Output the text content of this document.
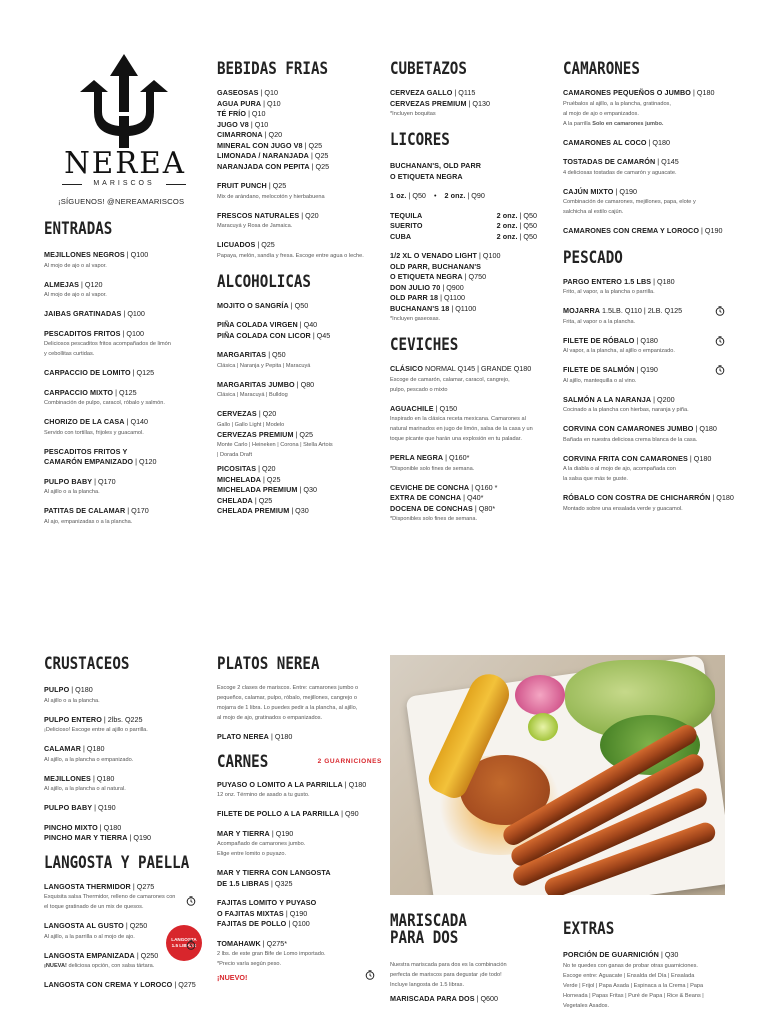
NEREA
MARISCOS
¡SÍGUENOS! @NEREAMARISCOS
ENTRADAS
MEJILLONES NEGROS | Q100
Al mojo de ajo o al vapor.
ALMEJAS | Q120
Al mojo de ajo o al vapor.
JAIBAS GRATINADAS | Q100
PESCADITOS FRITOS | Q100
Deliciosos pescaditos fritos acompañados de limón
y cebollitas curtidas.
CARPACCIO DE LOMITO | Q125
CARPACCIO MIXTO | Q125
Combinación de pulpo, caracol, róbalo y salmón.
CHORIZO DE LA CASA | Q140
Servido con tortillas, frijoles y guacamol.
PESCADITOS FRITOS Y
CAMARÓN EMPANIZADO | Q120
PULPO BABY | Q170
Al ajillo o a la plancha.
PATITAS DE CALAMAR | Q170
Al ajo, empanizadas o a la plancha.
BEBIDAS FRIAS
GASEOSAS | Q10
AGUA PURA | Q10
TÉ FRÍO | Q10
JUGO V8 | Q10
CIMARRONA | Q20
MINERAL CON JUGO V8 | Q25
LIMONADA / NARANJADA | Q25
NARANJADA CON PEPITA | Q25
FRUIT PUNCH | Q25
Mix de arándano, melocotón y hierbabuena
FRESCOS NATURALES | Q20
Maracuyá y Rosa de Jamaica.
LICUADOS | Q25
Papaya, melón, sandía y fresa. Escoge entre agua o leche.
ALCOHOLICAS
MOJITO O SANGRÍA | Q50
PIÑA COLADA VIRGEN | Q40
PIÑA COLADA CON LICOR | Q45
MARGARITAS | Q50
Clásica | Naranja y Pepita | Maracuyá
MARGARITAS JUMBO | Q80
Clásica | Maracuyá | Bulldog
CERVEZAS | Q20
Gallo | Gallo Light | Modelo
CERVEZAS PREMIUM | Q25
Monte Carlo | Heineken | Corona | Stella Artois
| Dorada Draft
PICOSITAS | Q20
MICHELADA | Q25
MICHELADA PREMIUM | Q30
CHELADA | Q25
CHELADA PREMIUM | Q30
CUBETAZOS
CERVEZA GALLO | Q115
CERVEZAS PREMIUM | Q130
*Incluyen boquitas
LICORES
BUCHANAN'S, OLD PARR
O ETIQUETA NEGRA
1 oz. | Q50 • 2 onz. | Q90
TEQUILA	2 onz. | Q50
SUERITO	2 onz. | Q50
CUBA	2 onz. | Q50
1/2 XL O VENADO LIGHT | Q100
OLD PARR, BUCHANAN'S
O ETIQUETA NEGRA | Q750
DON JULIO 70 | Q900
OLD PARR 18 | Q1100
BUCHANAN'S 18 | Q1100
*Incluyen gaseosas.
CEVICHES
CLÁSICO NORMAL Q145 | GRANDE Q180
Escoge de camarón, calamar, caracol, cangrejo,
pulpo, pescado o mixto
AGUACHILE | Q150
Inspirado en la clásica receta mexicana. Camarones al
natural marinados en jugo de limón, salsa de la casa y un
toque picante que harán una explosión en tu paladar.
PERLA NEGRA | Q160*
*Disponible solo fines de semana.
CEVICHE DE CONCHA | Q160 *
EXTRA DE CONCHA | Q40*
DOCENA DE CONCHAS | Q80*
*Disponibles solo fines de semana.
CAMARONES
CAMARONES PEQUEÑOS O JUMBO | Q180
Pruébalos al ajillo, a la plancha, gratinados,
al mojo de ajo o empanizados.
A la parrilla Solo en camarones jumbo.
CAMARONES AL COCO | Q180
TOSTADAS DE CAMARÓN | Q145
4 deliciosas tostadas de camarón y aguacate.
CAJÚN MIXTO | Q190
Combinación de camarones, mejillones, papa, elote y
salchicha al estilo cajún.
CAMARONES CON CREMA Y LOROCO | Q190
PESCADO
PARGO ENTERO 1.5 LBS | Q180
Frito, al vapor, a la plancha o parrilla.
MOJARRA 1.5LB. Q110 | 2LB. Q125
Frita, al vapor o a la plancha.
FILETE DE RÓBALO | Q180
Al vapor, a la plancha, al ajillo o empanizado.
FILETE DE SALMÓN | Q190
Al ajillo, mantequilla o al vino.
SALMÓN A LA NARANJA | Q200
Cocinado a la plancha con hierbas, naranja y piña.
CORVINA CON CAMARONES JUMBO | Q180
Bañada en nuestra deliciosa crema blanca de la casa.
CORVINA FRITA CON CAMARONES | Q180
A la diabla o al mojo de ajo, acompañada con
la salsa que más te guste.
RÓBALO CON COSTRA DE CHICHARRÓN | Q180
Montado sobre una ensalada verde y guacamol.
CRUSTACEOS
PULPO | Q180
Al ajillo o a la plancha.
PULPO ENTERO | 2lbs. Q225
¡Delicioso! Escoge entre al ajillo o parrilla.
CALAMAR | Q180
Al ajillo, a la plancha o empanizado.
MEJILLONES | Q180
Al ajillo, a la plancha o al natural.
PULPO BABY | Q190
PINCHO MIXTO | Q180
PINCHO MAR Y TIERRA | Q190
LANGOSTA Y PAELLA
LANGOSTA THERMIDOR | Q275
Exquisita salsa Thermidor, relleno de camarones con
el toque gratinado de un mix de quesos.
LANGOSTA AL GUSTO | Q250
Al ajillo, a la parrilla o al mojo de ajo.
LANGOSTA EMPANIZADA | Q250
¡NUEVA! deliciosa opción, con salsa tártara.
LANGOSTA CON CREMA Y LOROCO | Q275
LANGOSTA
1.5 LIBRAS
PLATOS NEREA
Escoge 2 clases de mariscos. Entre: camarones jumbo o
pequeños, calamar, pulpo, róbalo, mejillones, cangrejo o
mojarra de 1 libra. Lo puedes pedir a la plancha, al ajillo,
al mojo de ajo, gratinados o empanizados.
PLATO NEREA | Q180
CARNES	2 GUARNICIONES
PUYASO O LOMITO A LA PARRILLA | Q180
12 onz. Término de asado a tu gusto.
FILETE DE POLLO A LA PARRILLA | Q90
MAR Y TIERRA | Q190
Acompañado de camarones jumbo.
Elige entre lomito o puyazo.
MAR Y TIERRA CON LANGOSTA
DE 1.5 LIBRAS | Q325
FAJITAS LOMITO Y PUYASO
O FAJITAS MIXTAS | Q190
FAJITAS DE POLLO | Q100
TOMAHAWK | Q275*
2 lbs. de este gran Bife de Lomo importado.
*Precio varía según peso.
¡NUEVO!
MARISCADA
PARA DOS
Nuestra mariscada para dos es la combinación
perfecta de mariscos para degustar ¡de todo!
Incluye langosta de 1.5 libras.
MARISCADA PARA DOS | Q600
EXTRAS
PORCIÓN DE GUARNICIÓN | Q30
No te quedes con ganas de probar otras guarniciones.
Escoge entre: Aguacate | Ensalda del Día | Ensalada
Verde | Frijol | Papa Asada | Espinaca a la Crema | Papa
Horneada | Papas Fritas | Puré de Papa | Rice & Beans |
Vegetales Asados.
